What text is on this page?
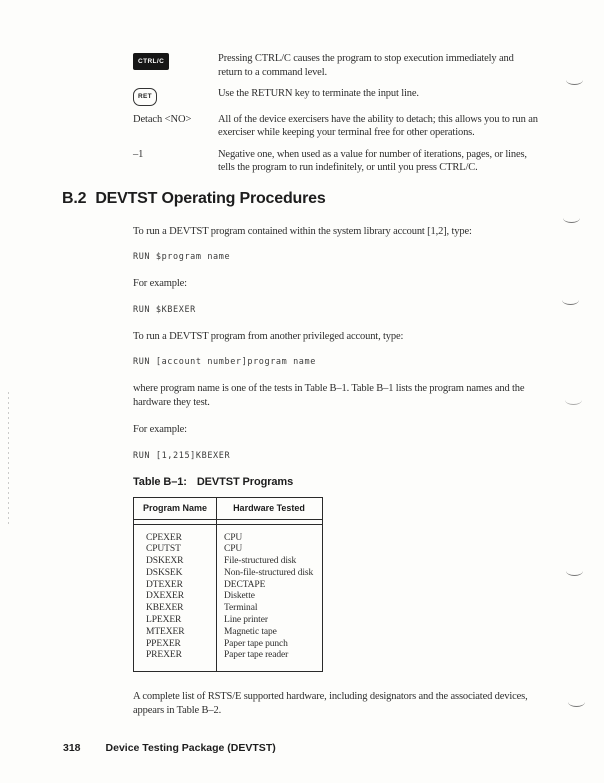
CTRL/C	Pressing CTRL/C causes the program to stop execution immediately and return to a command level.

RET	Use the RETURN key to terminate the input line.

Detach <NO>	All of the device exercisers have the ability to detach; this allows you to run an exerciser while keeping your terminal free for other operations.

–1	Negative one, when used as a value for number of iterations, pages, or lines, tells the program to run indefinitely, or until you press CTRL/C.

B.2 DEVTST Operating Procedures

To run a DEVTST program contained within the system library account [1,2], type:

RUN $program name

For example:

RUN $KBEXER

To run a DEVTST program from another privileged account, type:

RUN [account number]program name

where program name is one of the tests in Table B–1. Table B–1 lists the program names and the hardware they test.

For example:

RUN [1,215]KBEXER
Table B–1: DEVTST Programs
Program Name	Hardware Tested
CPEXER	CPU
CPUTST	CPU
DSKEXR	File-structured disk
DSKSEK	Non-file-structured disk
DTEXER	DECTAPE
DXEXER	Diskette
KBEXER	Terminal
LPEXER	Line printer
MTEXER	Magnetic tape
PPEXER	Paper tape punch
PREXER	Paper tape reader

A complete list of RSTS/E supported hardware, including designators and the associated devices, appears in Table B–2.

318 Device Testing Package (DEVTST)
